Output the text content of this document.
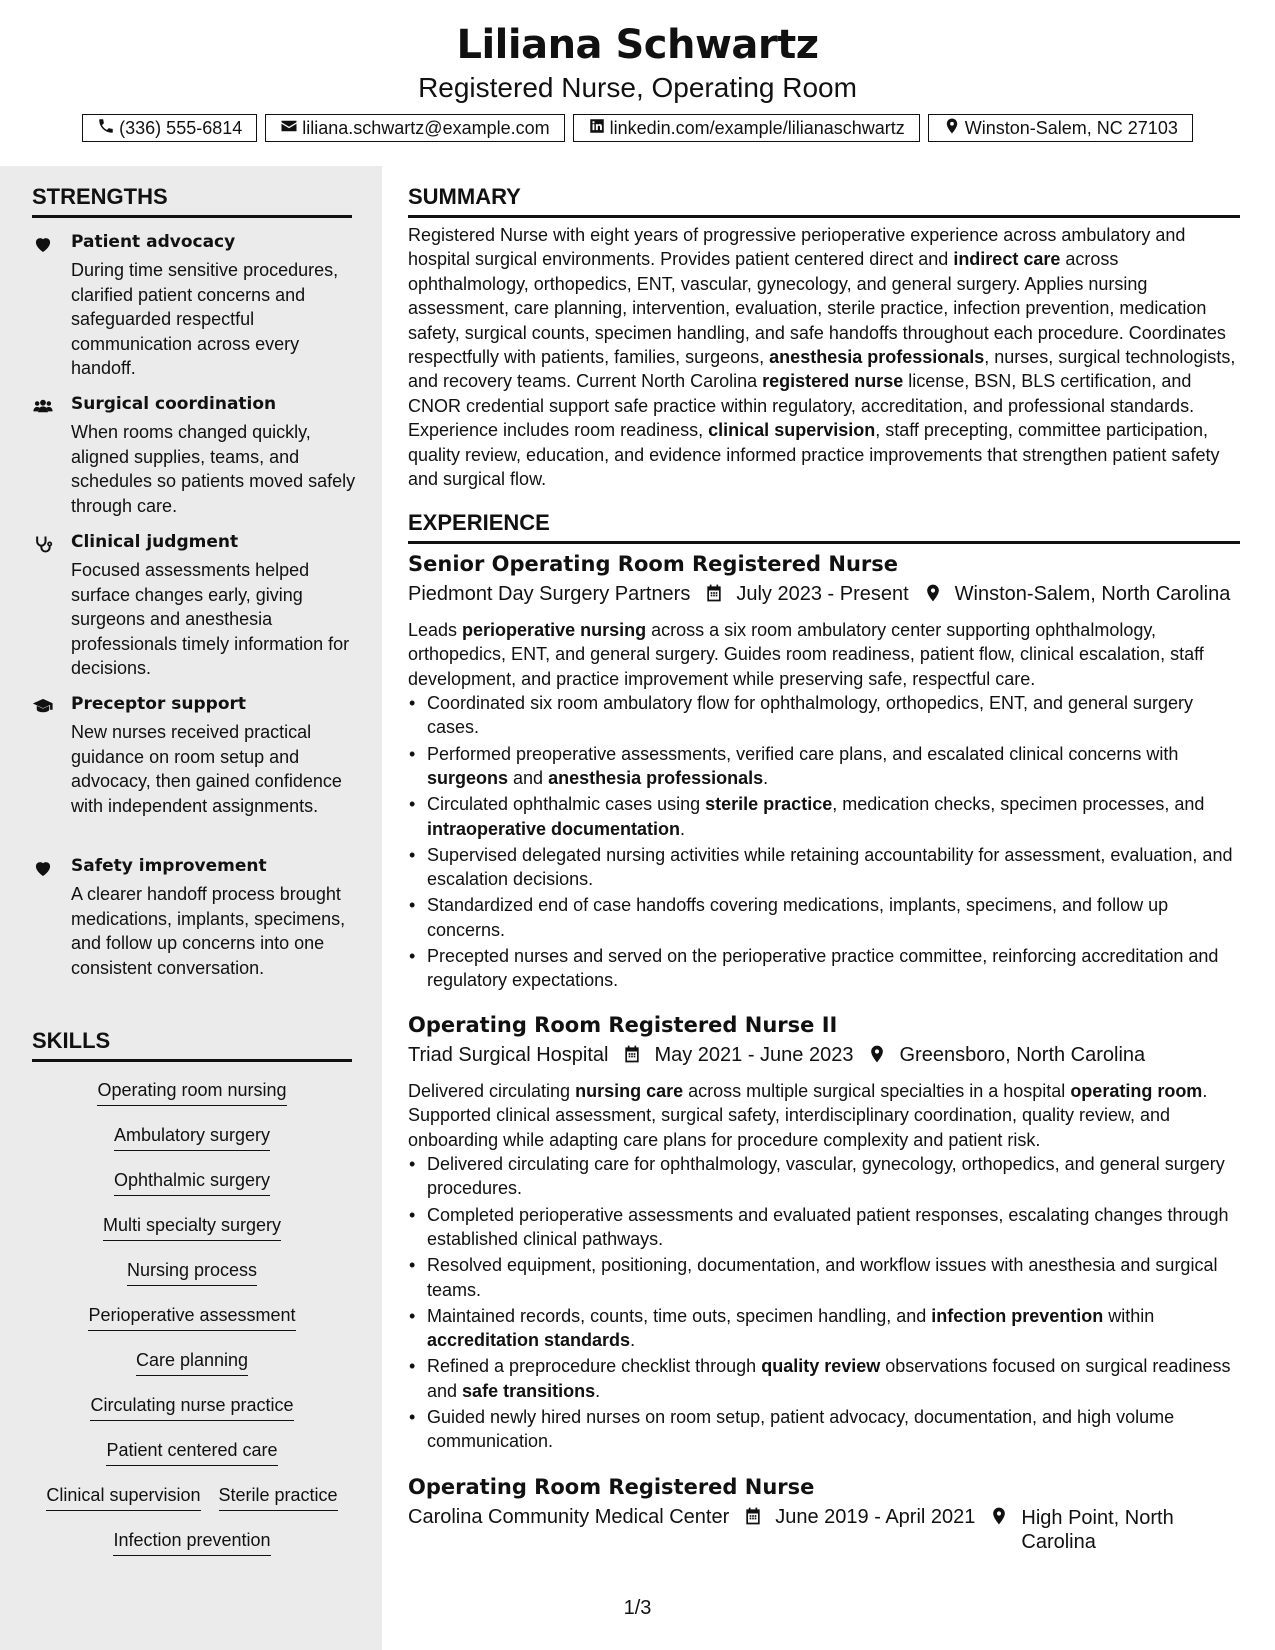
Liliana Schwartz
Registered Nurse, Operating Room
(336) 555-6814	liliana.schwartz@example.com	linkedin.com/example/lilianaschwartz	Winston-Salem, NC 27103
STRENGTHS
Patient advocacy
During time sensitive procedures, clarified patient concerns and safeguarded respectful communication across every handoff.
Surgical coordination
When rooms changed quickly, aligned supplies, teams, and schedules so patients moved safely through care.
Clinical judgment
Focused assessments helped surface changes early, giving surgeons and anesthesia professionals timely information for decisions.
Preceptor support
New nurses received practical guidance on room setup and advocacy, then gained confidence with independent assignments.
Safety improvement
A clearer handoff process brought medications, implants, specimens, and follow up concerns into one consistent conversation.
SKILLS
Operating room nursing
Ambulatory surgery
Ophthalmic surgery
Multi specialty surgery
Nursing process
Perioperative assessment
Care planning
Circulating nurse practice
Patient centered care
Clinical supervision Sterile practice
Infection prevention
SUMMARY
Registered Nurse with eight years of progressive perioperative experience across ambulatory and hospital surgical environments. Provides patient centered direct and indirect care across ophthalmology, orthopedics, ENT, vascular, gynecology, and general surgery. Applies nursing assessment, care planning, intervention, evaluation, sterile practice, infection prevention, medication safety, surgical counts, specimen handling, and safe handoffs throughout each procedure. Coordinates respectfully with patients, families, surgeons, anesthesia professionals, nurses, surgical technologists, and recovery teams. Current North Carolina registered nurse license, BSN, BLS certification, and CNOR credential support safe practice within regulatory, accreditation, and professional standards. Experience includes room readiness, clinical supervision, staff precepting, committee participation, quality review, education, and evidence informed practice improvements that strengthen patient safety and surgical flow.
EXPERIENCE
Senior Operating Room Registered Nurse
Piedmont Day Surgery Partners July 2023 - Present Winston-Salem, North Carolina
Leads perioperative nursing across a six room ambulatory center supporting ophthalmology, orthopedics, ENT, and general surgery. Guides room readiness, patient flow, clinical escalation, staff development, and practice improvement while preserving safe, respectful care.
• Coordinated six room ambulatory flow for ophthalmology, orthopedics, ENT, and general surgery cases.
• Performed preoperative assessments, verified care plans, and escalated clinical concerns with surgeons and anesthesia professionals.
• Circulated ophthalmic cases using sterile practice, medication checks, specimen processes, and intraoperative documentation.
• Supervised delegated nursing activities while retaining accountability for assessment, evaluation, and escalation decisions.
• Standardized end of case handoffs covering medications, implants, specimens, and follow up concerns.
• Precepted nurses and served on the perioperative practice committee, reinforcing accreditation and regulatory expectations.
Operating Room Registered Nurse II
Triad Surgical Hospital May 2021 - June 2023 Greensboro, North Carolina
Delivered circulating nursing care across multiple surgical specialties in a hospital operating room. Supported clinical assessment, surgical safety, interdisciplinary coordination, quality review, and onboarding while adapting care plans for procedure complexity and patient risk.
• Delivered circulating care for ophthalmology, vascular, gynecology, orthopedics, and general surgery procedures.
• Completed perioperative assessments and evaluated patient responses, escalating changes through established clinical pathways.
• Resolved equipment, positioning, documentation, and workflow issues with anesthesia and surgical teams.
• Maintained records, counts, time outs, specimen handling, and infection prevention within accreditation standards.
• Refined a preprocedure checklist through quality review observations focused on surgical readiness and safe transitions.
• Guided newly hired nurses on room setup, patient advocacy, documentation, and high volume communication.
Operating Room Registered Nurse
Carolina Community Medical Center June 2019 - April 2021 High Point, North Carolina
1/3
